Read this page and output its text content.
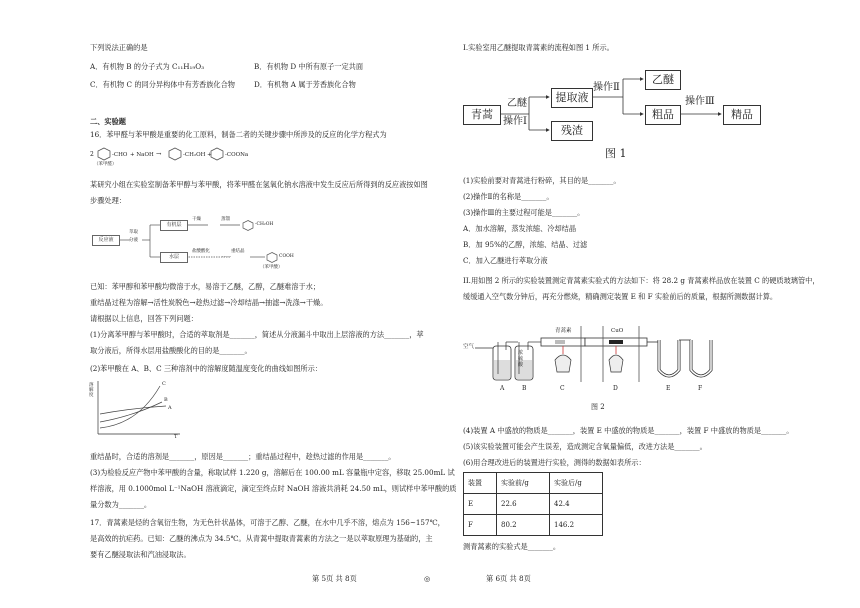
下列说法正确的是
A．有机物 B 的分子式为 C₁₁H₁₉O₃	B．有机物 D 中所有原子一定共面
C．有机物 C 的同分异构体中有芳香族化合物	D．有机物 A 属于芳香族化合物
二、实验题
16．苯甲醛与苯甲酸是重要的化工原料，制备二者的关键步骤中所涉及的反应的化学方程式为
2	-CHO + NaOH →	-CH₂OH + -COONa
（苯甲醛）
某研究小组在实验室制备苯甲醇与苯甲酸，将苯甲醛在氢氧化钠水溶液中发生反应后所得到的反应液按如图
步骤处理：
反应液
萃取
分液
有机层
干燥	蒸馏
-CH₂OH
水层
盐酸酸化	重结晶
……	COOH
（苯甲酸）
已知：苯甲醇和苯甲酸均微溶于水，易溶于乙醚，乙醇，乙醚难溶于水；
重结晶过程为溶解→活性炭脱色→趁热过滤→冷却结晶→抽滤→洗涤→干燥。
请根据以上信息，回答下列问题：
(1)分离苯甲醇与苯甲酸时，合适的萃取剂是_______，简述从分液漏斗中取出上层溶液的方法_______，萃
取分液后，所得水层用盐酸酸化的目的是_______。
(2)苯甲酸在 A、B、C 三种溶剂中的溶解度随温度变化的曲线如图所示：
溶
解
度
T
C
B
A
重结晶时，合适的溶剂是_______，原因是_______；重结晶过程中，趁热过滤的作用是_______。
(3)为检验反应产物中苯甲酸的含量，称取试样 1.220 g，溶解后在 100.00 mL 容量瓶中定容，移取 25.00mL 试
样溶液，用 0.1000mol L⁻¹NaOH 溶液滴定，滴定至终点时 NaOH 溶液共消耗 24.50 mL，则试样中苯甲酸的质
量分数为_______。
17．青蒿素是烃的含氧衍生物，为无色针状晶体，可溶于乙醇、乙醚，在水中几乎不溶，熔点为 156~157℃，
是高效的抗疟药。已知：乙醚的沸点为 34.5℃。从青蒿中提取青蒿素的方法之一是以萃取原理为基础的，主
要有乙醚浸取法和汽油浸取法。
I.实验室用乙醚提取青蒿素的流程如图 1 所示。
青蒿
乙醚
操作Ⅰ
提取液
残渣
操作Ⅱ
乙醚
粗品
操作Ⅲ
精品
图 1
(1)实验前要对青蒿进行粉碎，其目的是_______。
(2)操作Ⅱ的名称是_______。
(3)操作Ⅲ的主要过程可能是_______。
A．加水溶解，蒸发浓缩、冷却结晶
B．加 95%的乙醇，浓缩、结晶、过滤
C．加入乙醚进行萃取分液
II.用如图 2 所示的实验装置测定青蒿素实验式的方法如下：将 28.2 g 青蒿素样品放在装置 C 的硬质玻璃管中，
缓缓通入空气数分钟后，再充分燃烧，精确测定装置 E 和 F 实验前后的质量，根据所测数据计算。
空气
青蒿素	CuO
浓
硫
酸
A	B	C	D	E	F
图 2
(4)装置 A 中盛放的物质是_______，装置 E 中盛放的物质是_______，装置 F 中盛放的物质是_______。
(5)该实验装置可能会产生误差，造成测定含氧量偏低，改进方法是_______。
(6)用合理改进后的装置进行实验，测得的数据如表所示：
装置	实验前/g	实验后/g
E	22.6	42.4
F	80.2	146.2
测青蒿素的实验式是_______。
第 5页 共 8页	◎	第 6页 共 8页
